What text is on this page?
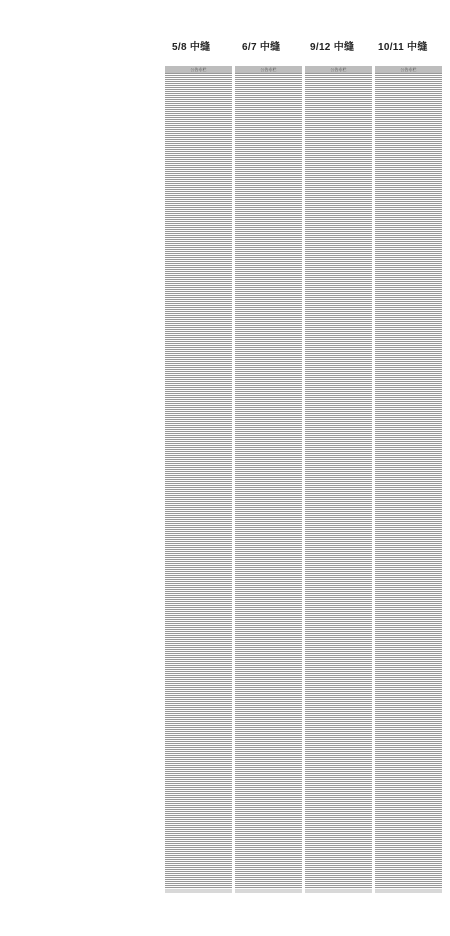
5/8 中缝	6/7 中缝	9/12 中缝 10/11 中缝
公告专栏	公告专栏	公告专栏	公告专栏
